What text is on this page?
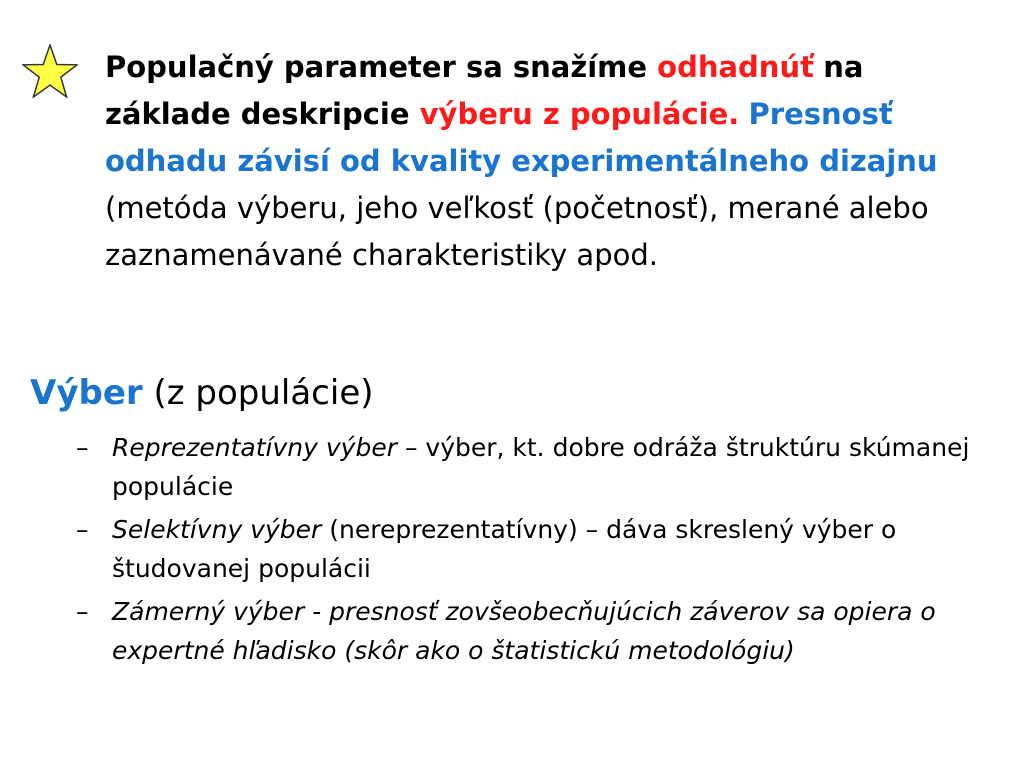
Populačný parameter sa snažíme odhadnúť na základe deskripcie výberu z populácie. Presnosť odhadu závisí od kvality experimentálneho dizajnu (metóda výberu, jeho veľkosť (početnosť), merané alebo zaznamenávané charakteristiky apod.
Výber (z populácie)
– Reprezentatívny výber – výber, kt. dobre odráža štruktúru skúmanej populácie
– Selektívny výber (nereprezentatívny) – dáva skreslený výber o študovanej populácii
– Zámerný výber - presnosť zovšeobecňujúcich záverov sa opiera o expertné hľadisko (skôr ako o štatistickú metodológiu)
